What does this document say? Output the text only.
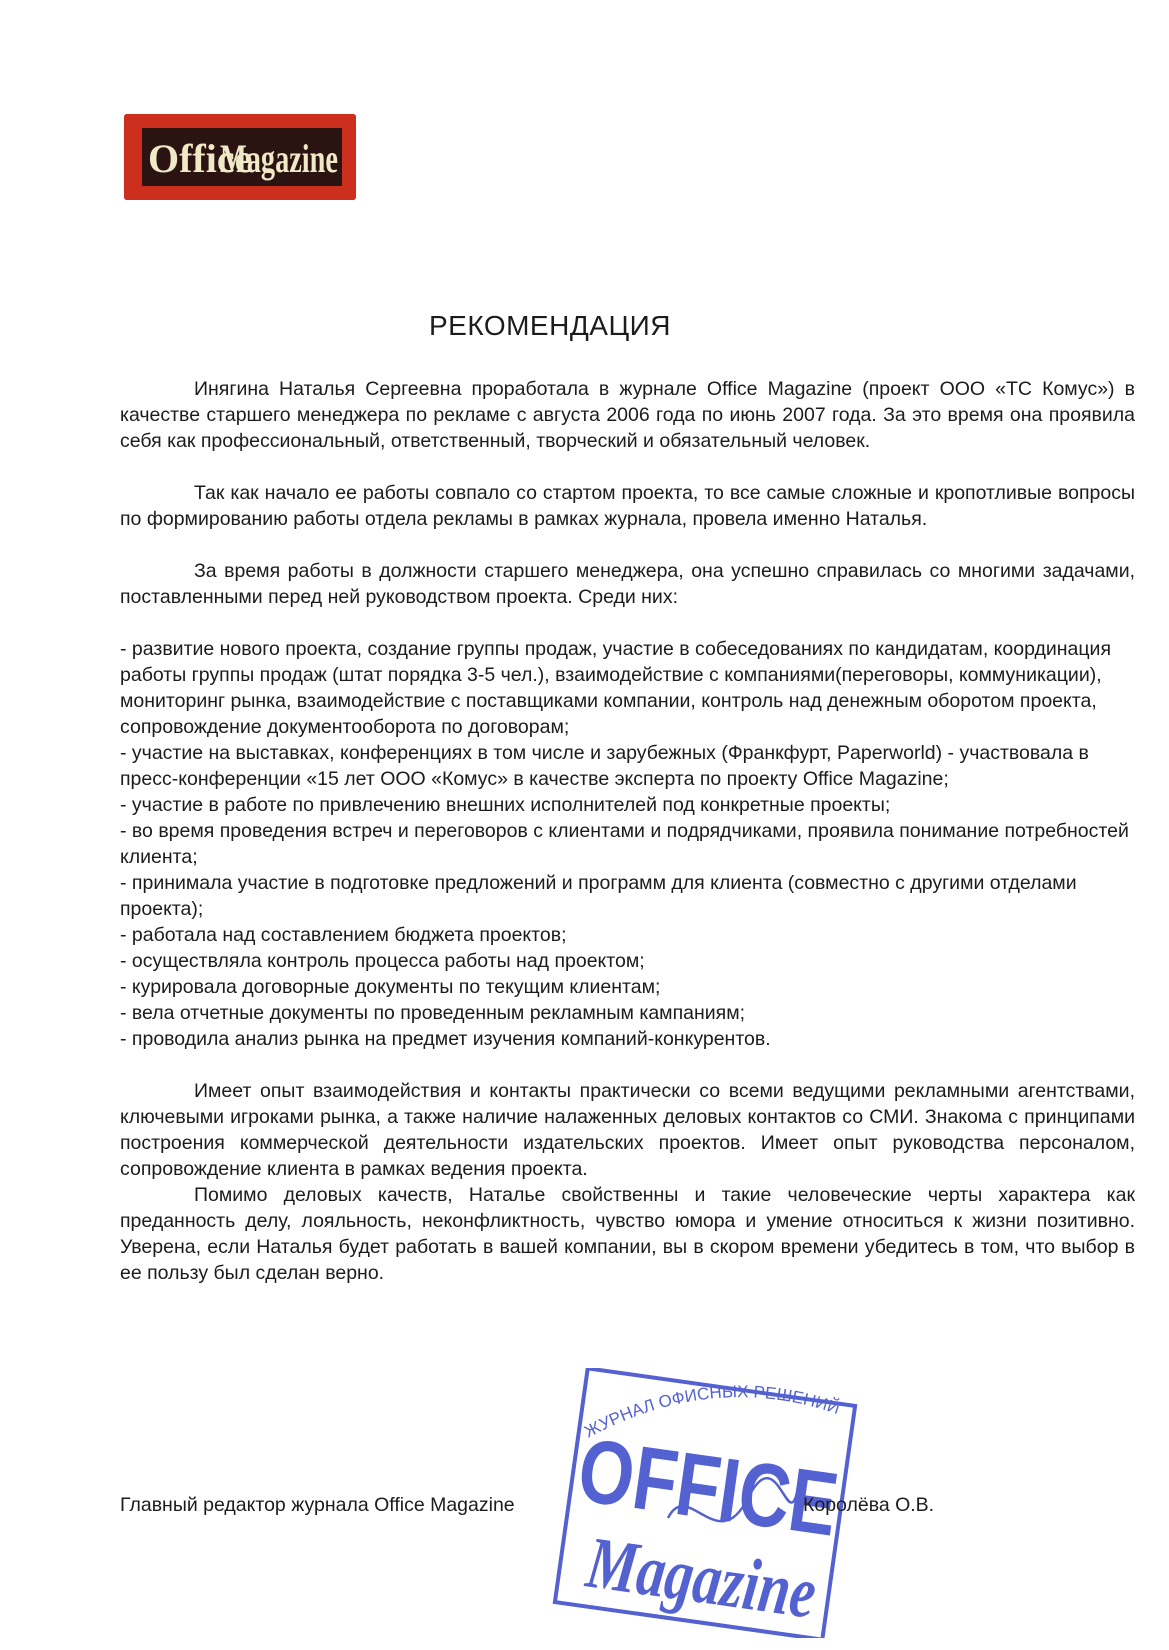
Office
Magazine
РЕКОМЕНДАЦИЯ

Инягина Наталья Сергеевна проработала в журнале Office Magazine (проект ООО «ТС Комус») в качестве старшего менеджера по рекламе с августа 2006 года по июнь 2007 года. За это время она проявила себя как профессиональный, ответственный, творческий и обязательный человек.

Так как начало ее работы совпало со стартом проекта, то все самые сложные и кропотливые вопросы по формированию работы отдела рекламы в рамках журнала, провела именно Наталья.

За время работы в должности старшего менеджера, она успешно справилась со многими задачами, поставленными перед ней руководством проекта. Среди них:

- развитие нового проекта, создание группы продаж, участие в собеседованиях по кандидатам, координация работы группы продаж (штат порядка 3-5 чел.), взаимодействие с компаниями(переговоры, коммуникации), мониторинг рынка, взаимодействие с поставщиками компании, контроль над денежным оборотом проекта, сопровождение документооборота по договорам;
- участие на выставках, конференциях в том числе и зарубежных (Франкфурт, Paperworld) - участвовала в пресс-конференции «15 лет ООО «Комус» в качестве эксперта по проекту Office Magazine;
- участие в работе по привлечению внешних исполнителей под конкретные проекты;
- во время проведения встреч и переговоров с клиентами и подрядчиками, проявила понимание потребностей клиента;
- принимала участие в подготовке предложений и программ для клиента (совместно с другими отделами проекта);
- работала над составлением бюджета проектов;
- осуществляла контроль процесса работы над проектом;
- курировала договорные документы по текущим клиентам;
- вела отчетные документы по проведенным рекламным кампаниям;
- проводила анализ рынка на предмет изучения компаний-конкурентов.

Имеет опыт взаимодействия и контакты практически со всеми ведущими рекламными агентствами, ключевыми игроками рынка, а также наличие налаженных деловых контактов со СМИ. Знакома с принципами построения коммерческой деятельности издательских проектов. Имеет опыт руководства персоналом, сопровождение клиента в рамках ведения проекта.

Помимо деловых качеств, Наталье свойственны и такие человеческие черты характера как преданность делу, лояльность, неконфликтность, чувство юмора и умение относиться к жизни позитивно. Уверена, если Наталья будет работать в вашей компании, вы в скором времени убедитесь в том, что выбор в ее пользу был сделан верно.

ЖУРНАЛ ОФИСНЫХ РЕШЕНИЙ
OFFICE
Magazine
Главный редактор журнала Office Magazine	Королёва О.В.
